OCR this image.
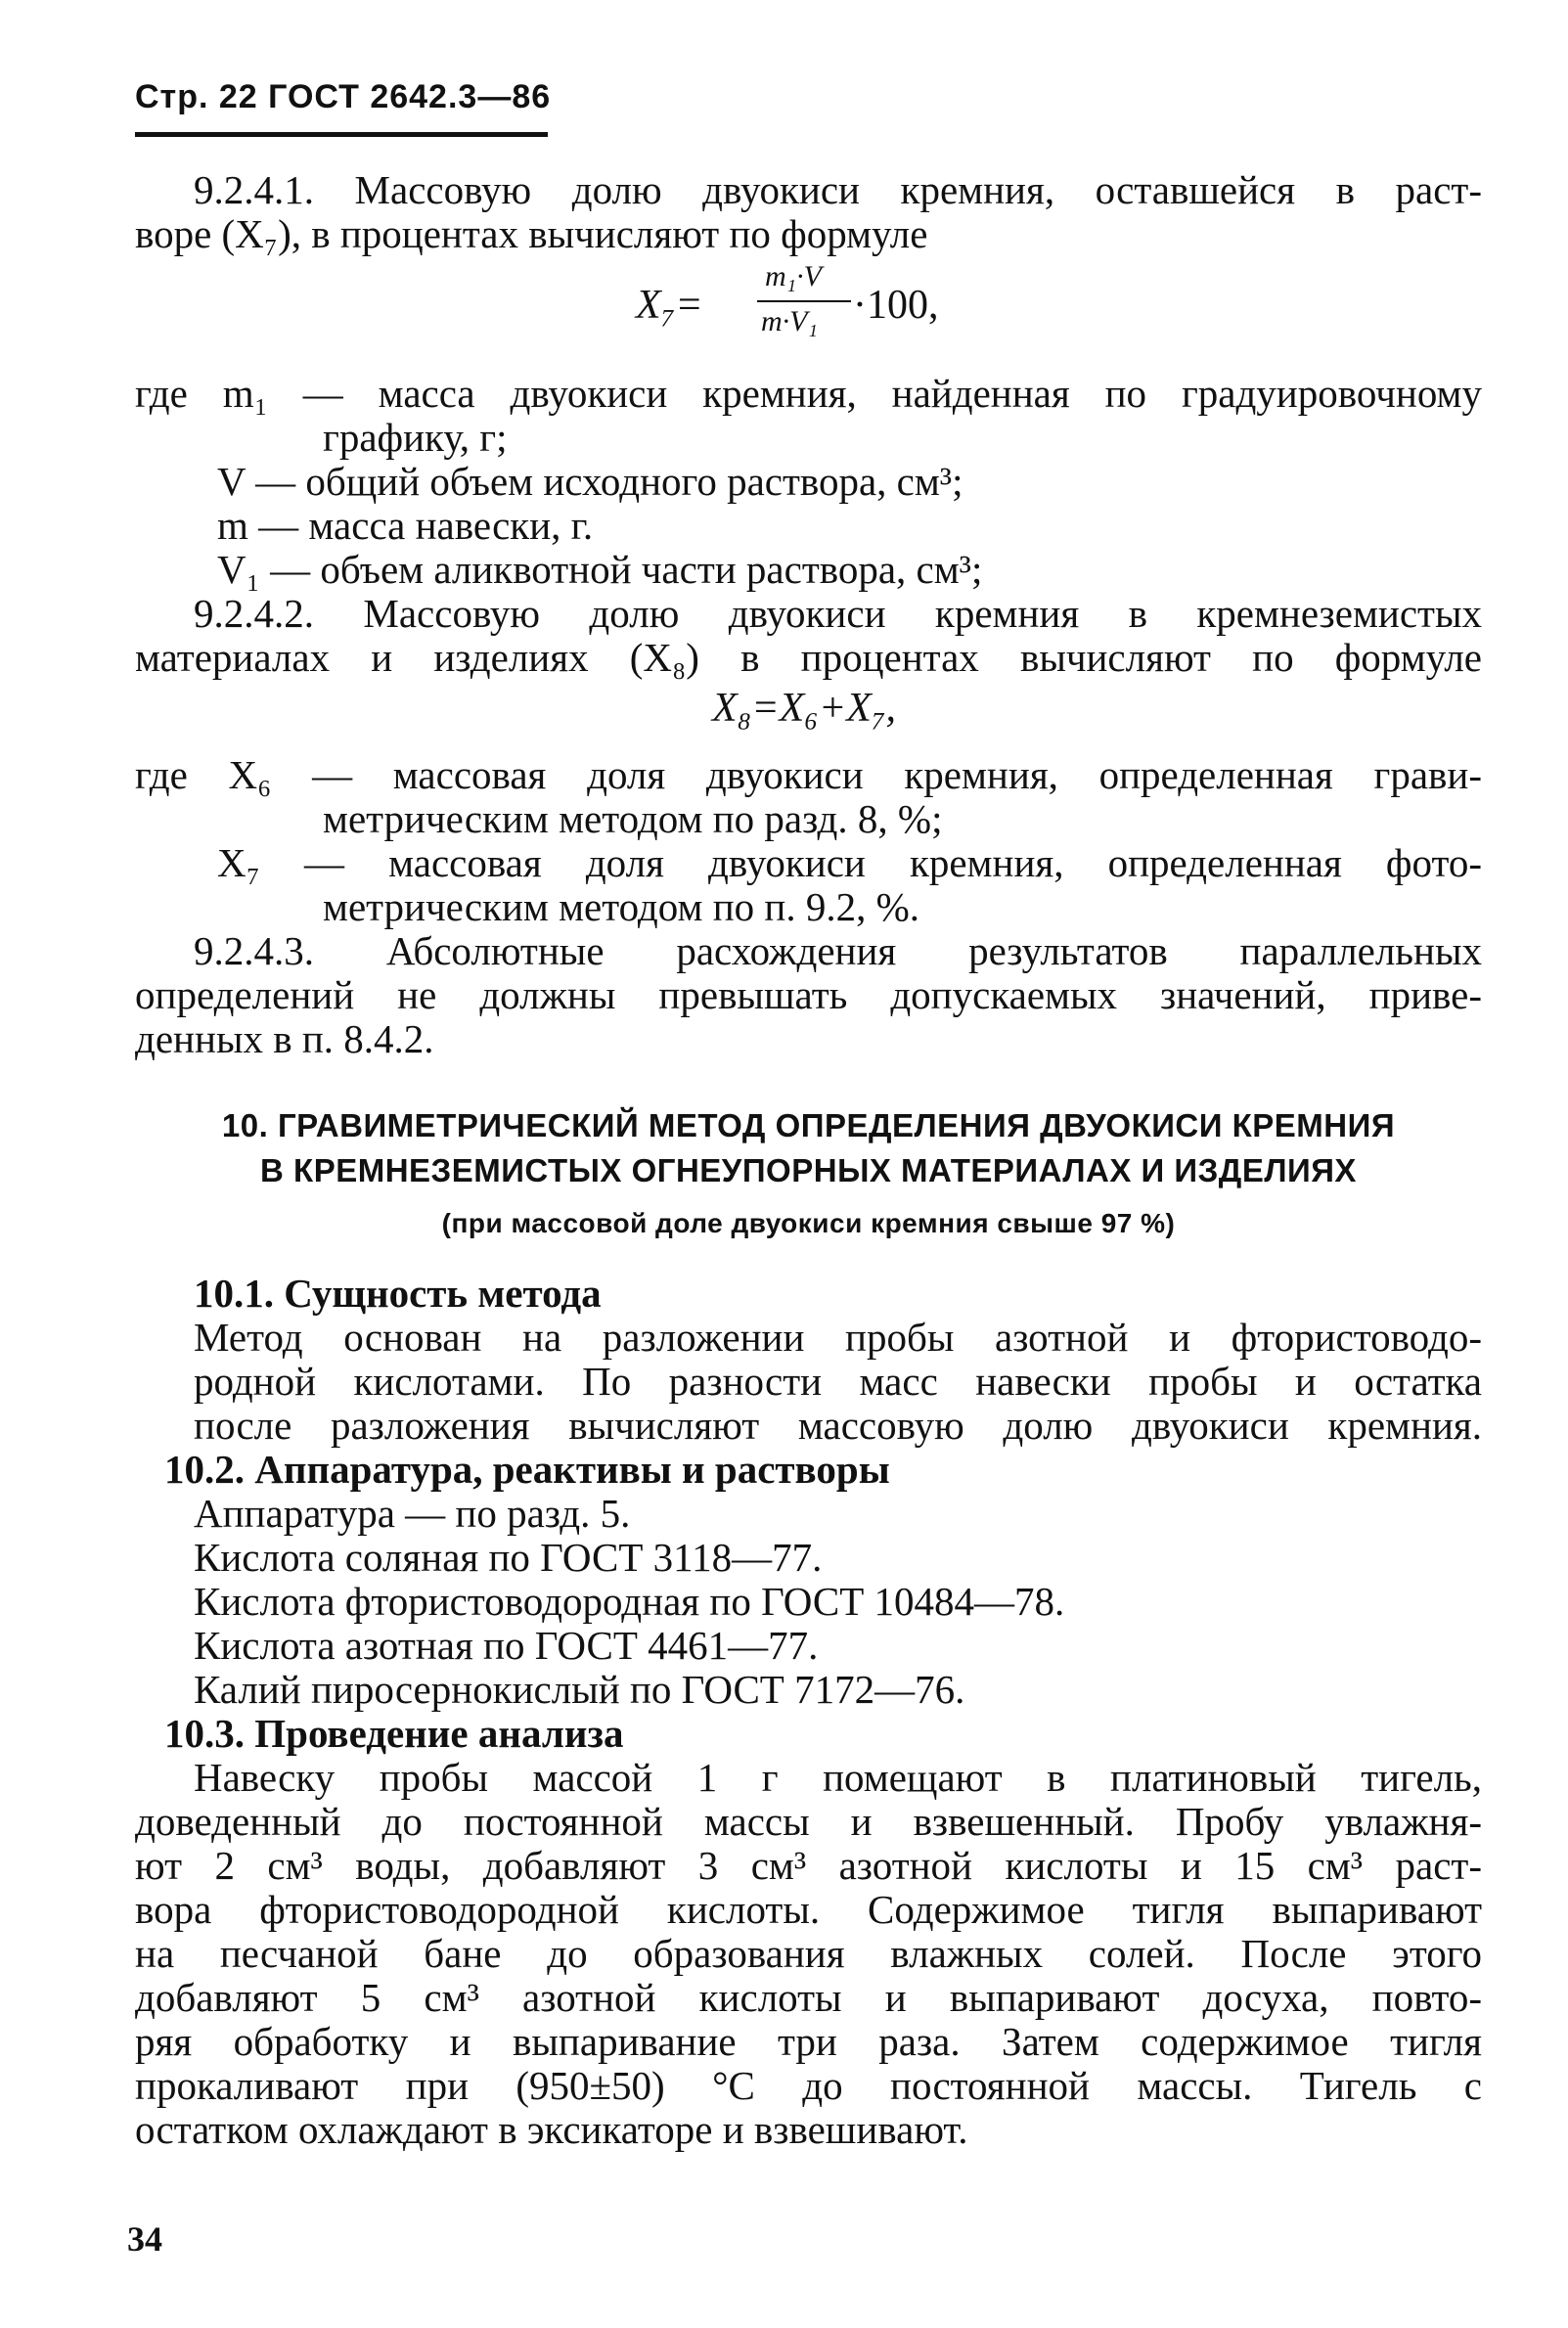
Стр. 22 ГОСТ 2642.3—86

9.2.4.1. Массовую долю двуокиси кремния, оставшейся в раст-

воре (X₇), в процентах вычисляют по формуле

X₇=
m₁·V
m·V₁ ·100,

где m₁ — масса двуокиси кремния, найденная по градуировочному

графику, г;

V — общий объем исходного раствора, см³;

m — масса навески, г.

V₁ — объем аликвотной части раствора, см³;

9.2.4.2. Массовую долю двуокиси кремния в кремнеземистых

материалах и изделиях (X₈) в процентах вычисляют по формуле

X₈=X₆+X₇,

где X₆ — массовая доля двуокиси кремния, определенная грави-

метрическим методом по разд. 8, %;

X₇ — массовая доля двуокиси кремния, определенная фото-

метрическим методом по п. 9.2, %.

9.2.4.3. Абсолютные расхождения результатов параллельных

определений не должны превышать допускаемых значений, приве-

денных в п. 8.4.2.

10. ГРАВИМЕТРИЧЕСКИЙ МЕТОД ОПРЕДЕЛЕНИЯ ДВУОКИСИ КРЕМНИЯ
В КРЕМНЕЗЕМИСТЫХ ОГНЕУПОРНЫХ МАТЕРИАЛАХ И ИЗДЕЛИЯХ
(при массовой доле двуокиси кремния свыше 97 %)

10.1. Сущность метода

Метод основан на разложении пробы азотной и фтористоводо-

родной кислотами. По разности масс навески пробы и остатка

после разложения вычисляют массовую долю двуокиси кремния.

10.2. Аппаратура, реактивы и растворы

Аппаратура — по разд. 5.

Кислота соляная по ГОСТ 3118—77.

Кислота фтористоводородная по ГОСТ 10484—78.

Кислота азотная по ГОСТ 4461—77.

Калий пиросернокислый по ГОСТ 7172—76.

10.3. Проведение анализа

Навеску пробы массой 1 г помещают в платиновый тигель,

доведенный до постоянной массы и взвешенный. Пробу увлажня-

ют 2 см³ воды, добавляют 3 см³ азотной кислоты и 15 см³ раст-

вора фтористоводородной кислоты. Содержимое тигля выпаривают

на песчаной бане до образования влажных солей. После этого

добавляют 5 см³ азотной кислоты и выпаривают досуха, повто-

ряя обработку и выпаривание три раза. Затем содержимое тигля

прокаливают при (950±50) °С до постоянной массы. Тигель с

остатком охлаждают в эксикаторе и взвешивают.

34
